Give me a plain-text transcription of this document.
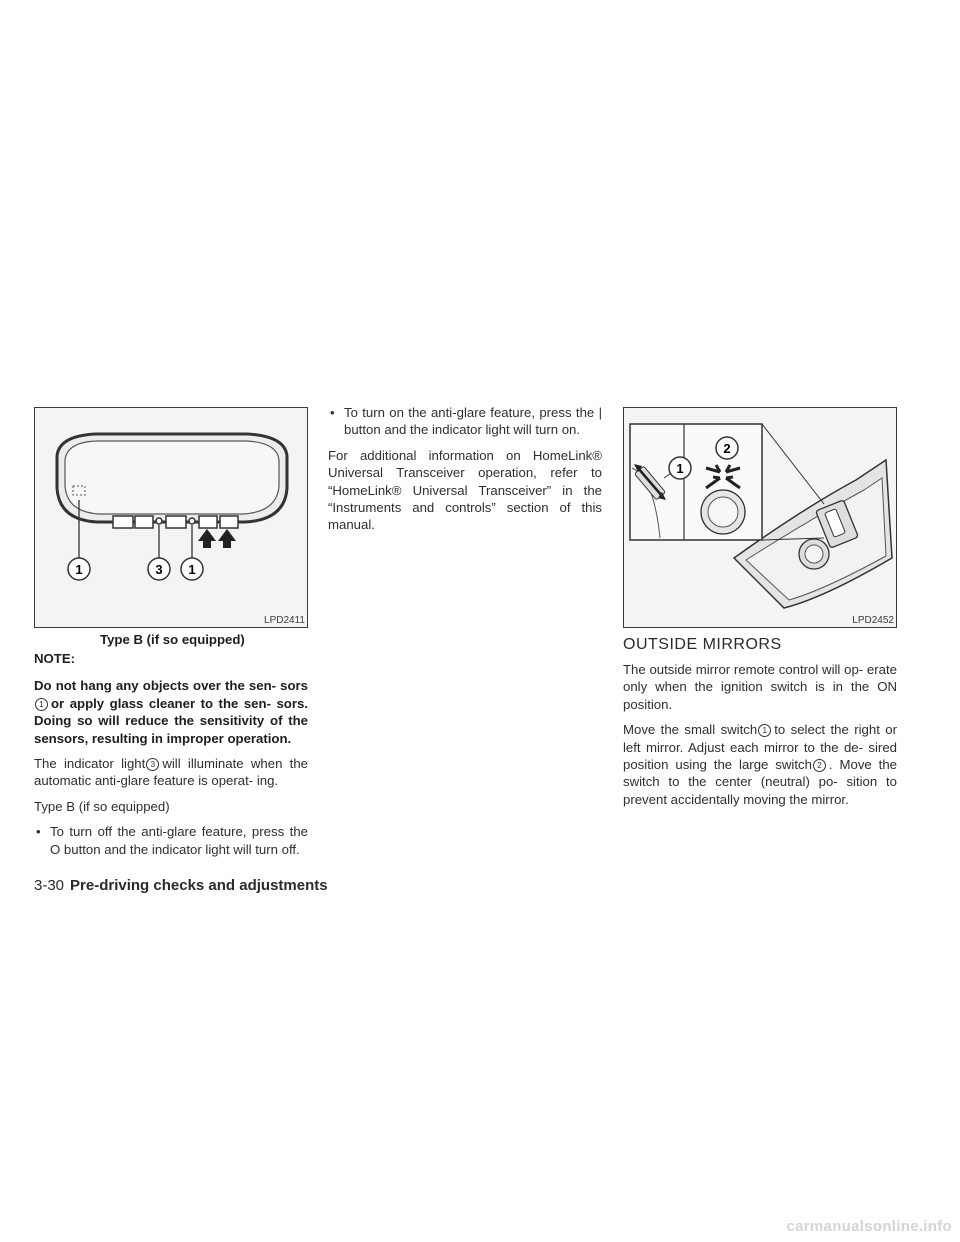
1	3 1
LPD2411
Type B (if so equipped)
1
2
LPD2452

NOTE:

Do not hang any objects over the sen- sors1 or apply glass cleaner to the sen- sors. Doing so will reduce the sensitivity of the sensors, resulting in improper operation.

The indicator light 3 will illuminate when the automatic anti-glare feature is operat- ing.

Type B (if so equipped)

• To turn off the anti-glare feature, press the O button and the indicator light will turn off.
• To turn on the anti-glare feature, press the | button and the indicator light will turn on.

For additional information on HomeLink® Universal Transceiver operation, refer to “HomeLink® Universal Transceiver” in the “Instruments and controls” section of this manual.

OUTSIDE MIRRORS

The outside mirror remote control will op- erate only when the ignition switch is in the ON position.

Move the small switch 1 to select the right or left mirror. Adjust each mirror to the de- sired position using the large switch 2 . Move the switch to the center (neutral) po- sition to prevent accidentally moving the mirror.

3-30 Pre-driving checks and adjustments
carmanualsonline.info
